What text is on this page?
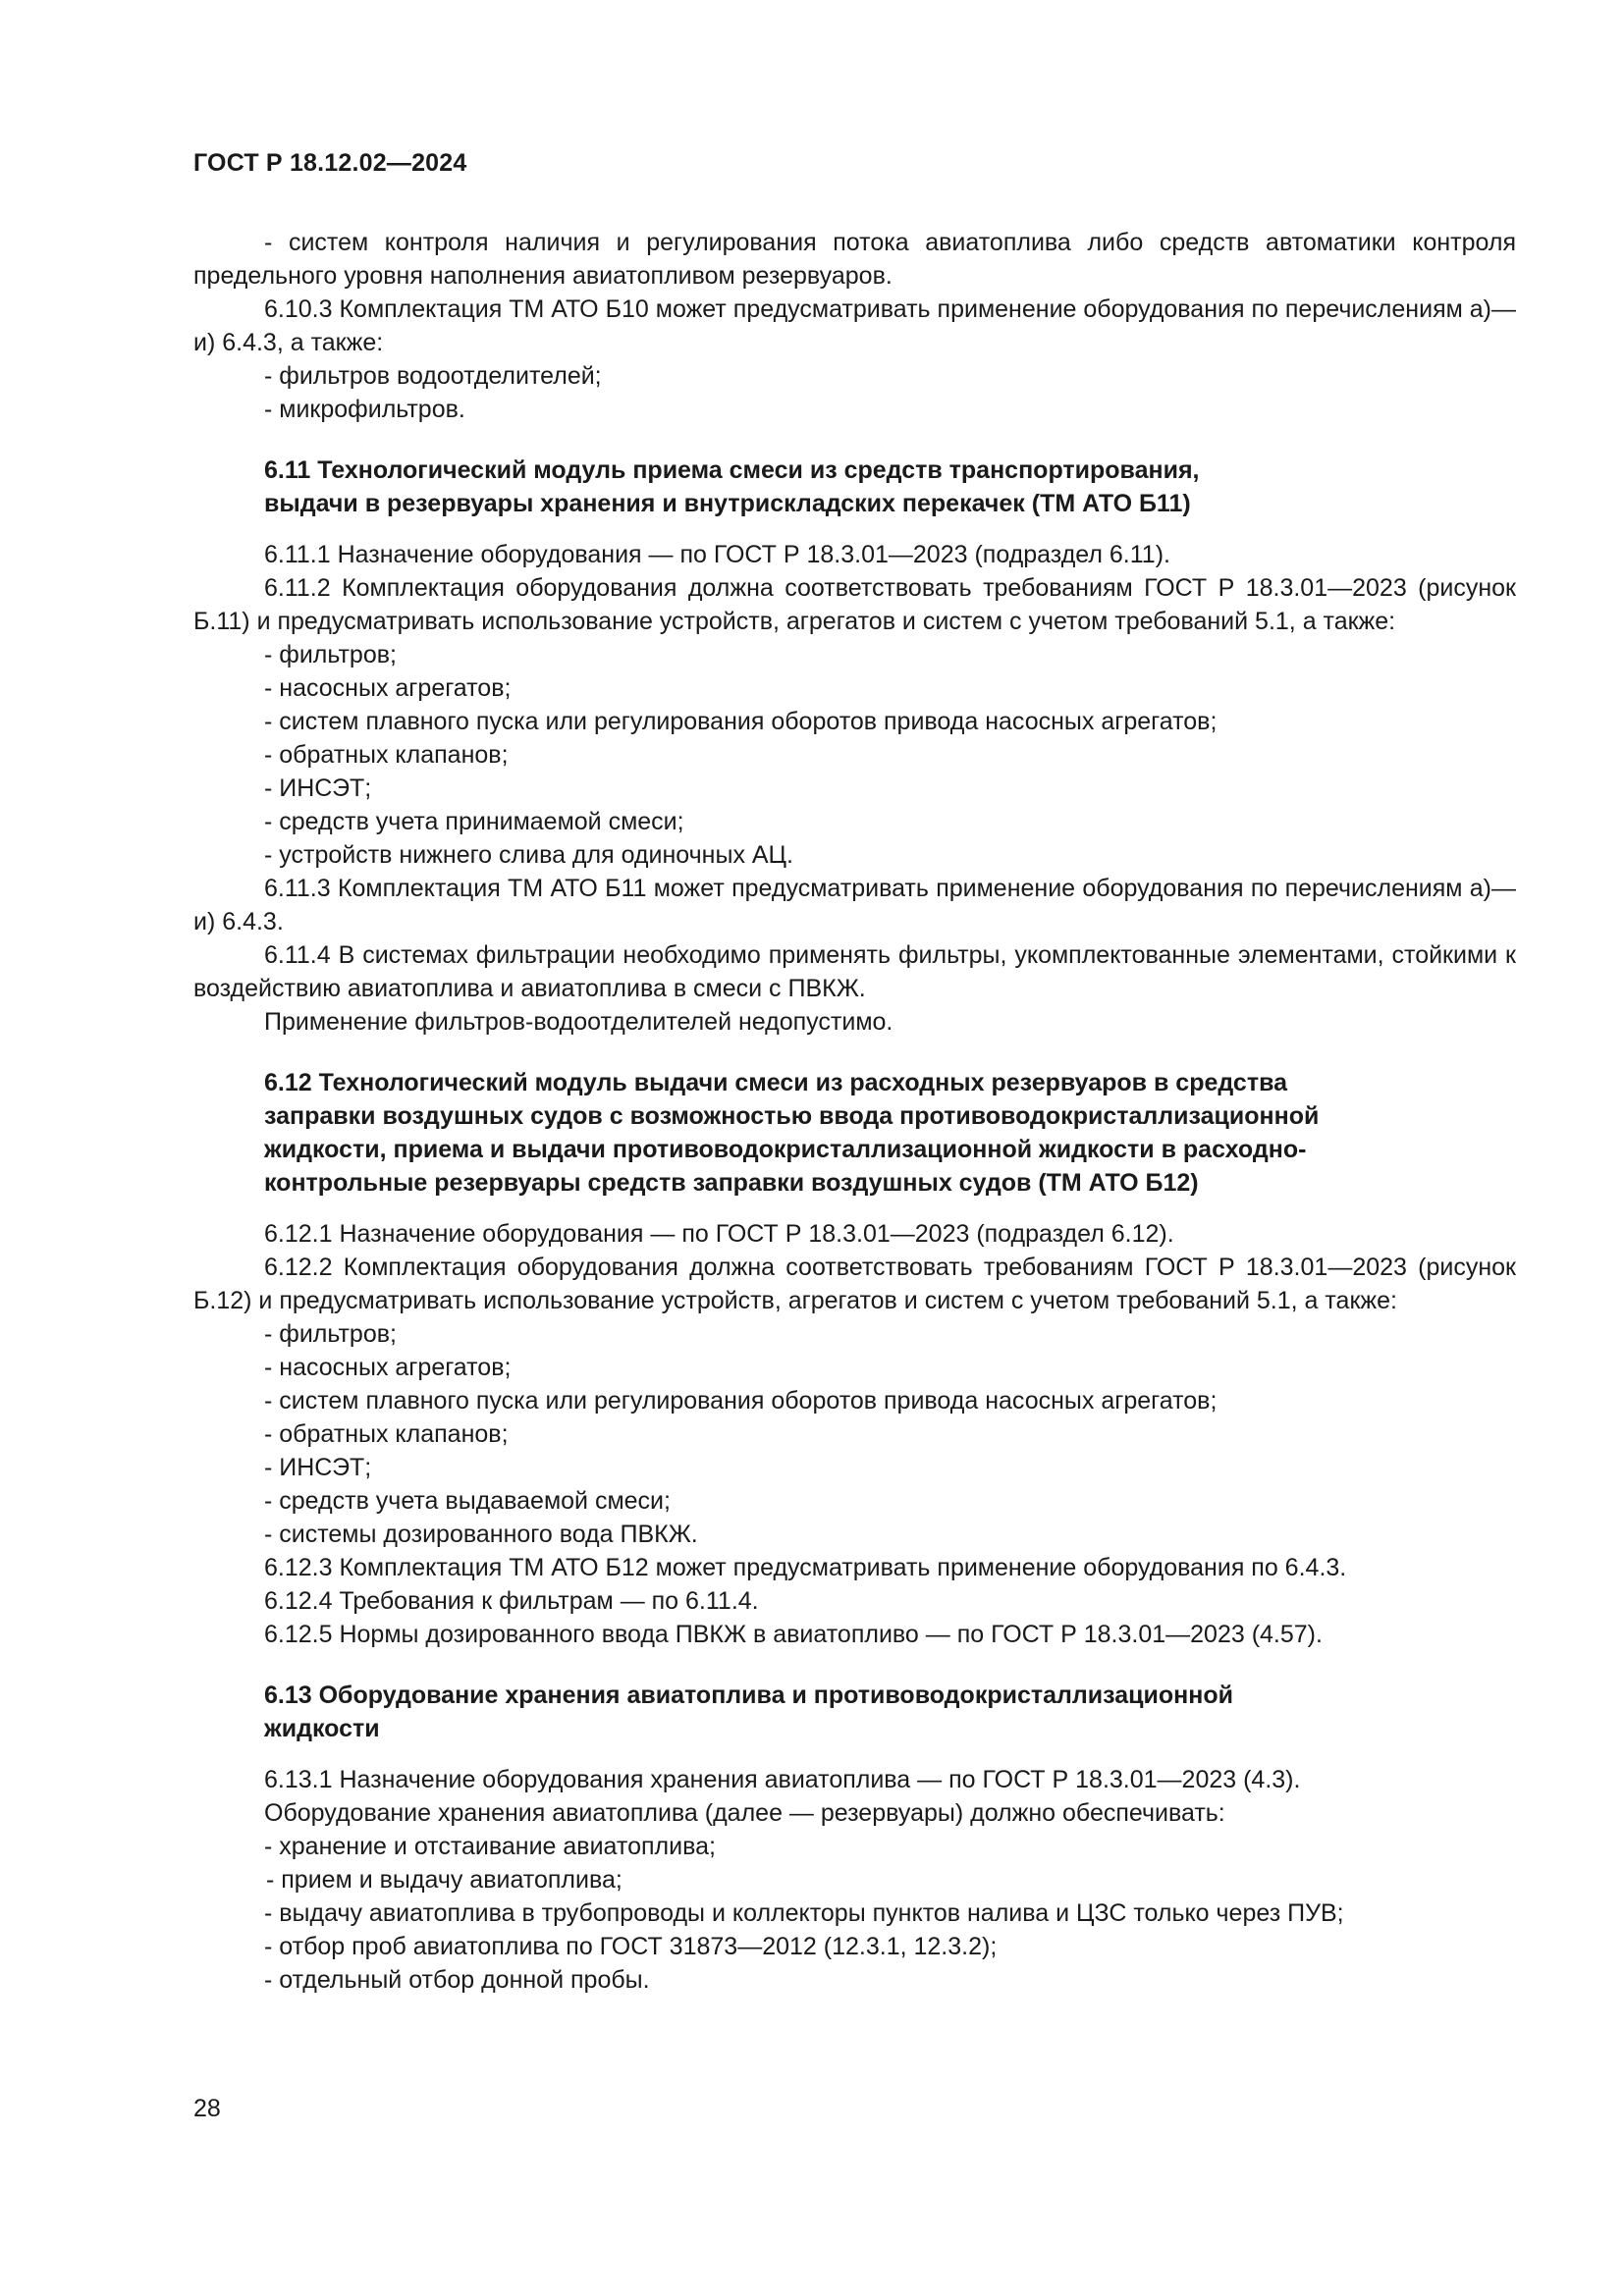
ГОСТ Р 18.12.02—2024

- систем контроля наличия и регулирования потока авиатоплива либо средств автоматики контроля предельного уровня наполнения авиатопливом резервуаров.

6.10.3 Комплектация ТМ АТО Б10 может предусматривать применение оборудования по перечислениям а)—и) 6.4.3, а также:

- фильтров водоотделителей;

- микрофильтров.

6.11 Технологический модуль приема смеси из средств транспортирования,
выдачи в резервуары хранения и внутрискладских перекачек (ТМ АТО Б11)

6.11.1 Назначение оборудования — по ГОСТ Р 18.3.01—2023 (подраздел 6.11).

6.11.2 Комплектация оборудования должна соответствовать требованиям ГОСТ Р 18.3.01—2023 (рисунок Б.11) и предусматривать использование устройств, агрегатов и систем с учетом требований 5.1, а также:

- фильтров;

- насосных агрегатов;

- систем плавного пуска или регулирования оборотов привода насосных агрегатов;

- обратных клапанов;

- ИНСЭТ;

- средств учета принимаемой смеси;

- устройств нижнего слива для одиночных АЦ.

6.11.3 Комплектация ТМ АТО Б11 может предусматривать применение оборудования по перечислениям а)—и) 6.4.3.

6.11.4 В системах фильтрации необходимо применять фильтры, укомплектованные элементами, стойкими к воздействию авиатоплива и авиатоплива в смеси с ПВКЖ.

Применение фильтров-водоотделителей недопустимо.

6.12 Технологический модуль выдачи смеси из расходных резервуаров в средства
заправки воздушных судов с возможностью ввода противоводокристаллизационной
жидкости, приема и выдачи противоводокристаллизационной жидкости в расходно-
контрольные резервуары средств заправки воздушных судов (ТМ АТО Б12)

6.12.1 Назначение оборудования — по ГОСТ Р 18.3.01—2023 (подраздел 6.12).

6.12.2 Комплектация оборудования должна соответствовать требованиям ГОСТ Р 18.3.01—2023 (рисунок Б.12) и предусматривать использование устройств, агрегатов и систем с учетом требований 5.1, а также:

- фильтров;

- насосных агрегатов;

- систем плавного пуска или регулирования оборотов привода насосных агрегатов;

- обратных клапанов;

- ИНСЭТ;

- средств учета выдаваемой смеси;

- системы дозированного вода ПВКЖ.

6.12.3 Комплектация ТМ АТО Б12 может предусматривать применение оборудования по 6.4.3.

6.12.4 Требования к фильтрам — по 6.11.4.

6.12.5 Нормы дозированного ввода ПВКЖ в авиатопливо — по ГОСТ Р 18.3.01—2023 (4.57).

6.13 Оборудование хранения авиатоплива и противоводокристаллизационной
жидкости

6.13.1 Назначение оборудования хранения авиатоплива — по ГОСТ Р 18.3.01—2023 (4.3).

Оборудование хранения авиатоплива (далее — резервуары) должно обеспечивать:

- хранение и отстаивание авиатоплива;

- прием и выдачу авиатоплива;

- выдачу авиатоплива в трубопроводы и коллекторы пунктов налива и ЦЗС только через ПУВ;

- отбор проб авиатоплива по ГОСТ 31873—2012 (12.3.1, 12.3.2);

- отдельный отбор донной пробы.

28
